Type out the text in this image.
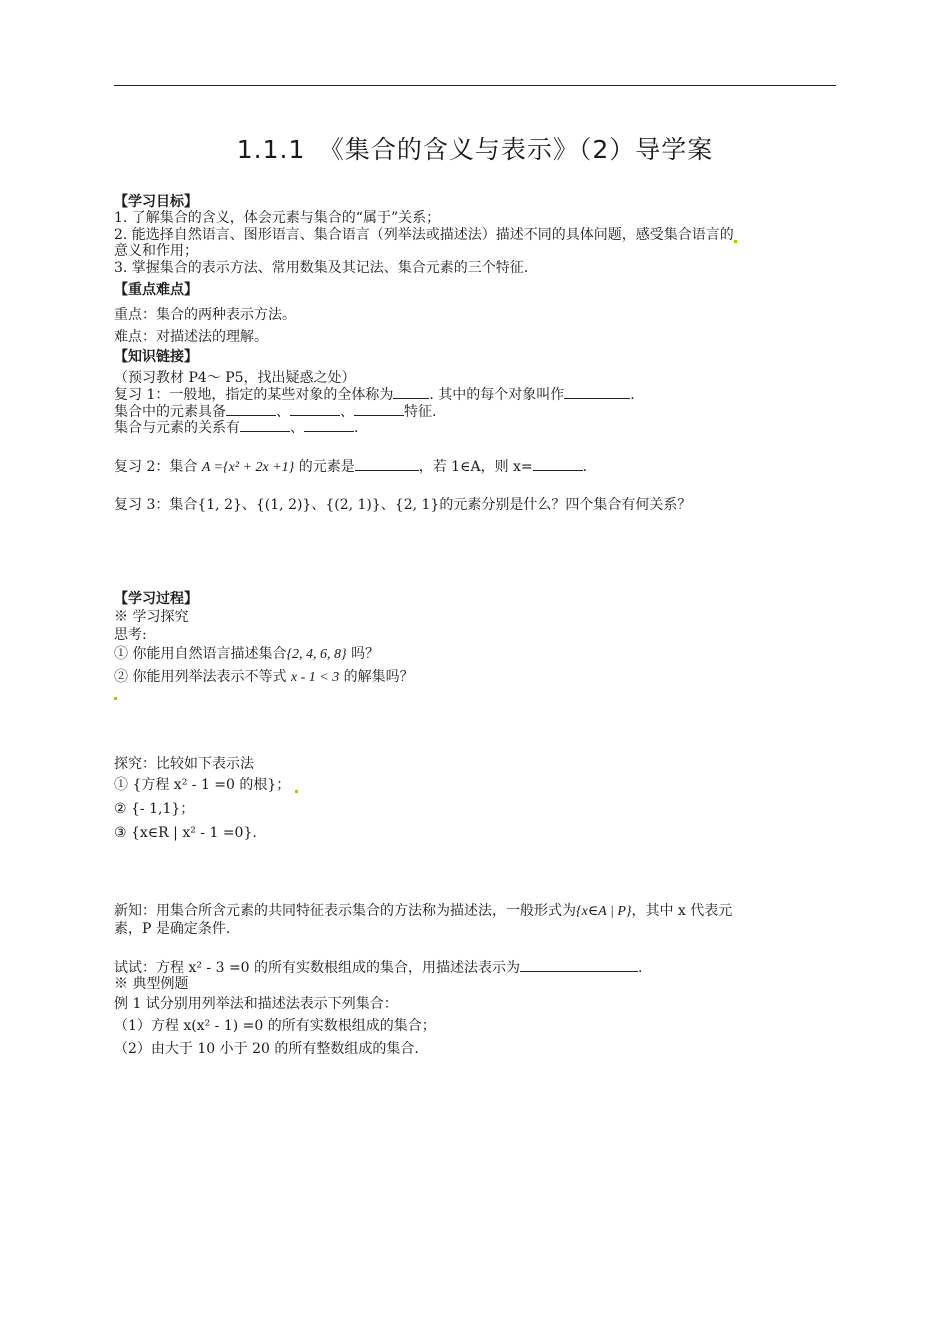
1.1.1　《集合的含义与表示》（2）导学案
【学习目标】
1. 了解集合的含义，体会元素与集合的“属于”关系；
2. 能选择自然语言、图形语言、集合语言（列举法或描述法）描述不同的具体问题，感受集合语言的
意义和作用；
3. 掌握集合的表示方法、常用数集及其记法、集合元素的三个特征.
【重点难点】
重点：集合的两种表示方法。
难点：对描述法的理解。
【知识链接】
（预习教材 P4～ P5，找出疑惑之处）
复习 1：一般地，指定的某些对象的全体称为	. 其中的每个对象叫作	.
集合中的元素具备	、	、	特征.
集合与元素的关系有	、	.
复习 2：集合 A ={x² + 2x +1} 的元素是	，若 1∈A，则 x=	.
复习 3：集合{1, 2}、{(1, 2)}、{(2, 1)}、{2, 1}的元素分别是什么？四个集合有何关系？
【学习过程】
※ 学习探究
思考:
① 你能用自然语言描述集合{2, 4, 6, 8} 吗？
② 你能用列举法表示不等式 x - 1 < 3 的解集吗？
探究：比较如下表示法
① {方程 x² - 1 =0 的根}；
② {- 1,1}；
③ {x∈R | x² - 1 =0}.
新知：用集合所含元素的共同特征表示集合的方法称为描述法，一般形式为{x∈A | P}，其中 x 代表元
素，P 是确定条件.
试试：方程 x² - 3 =0 的所有实数根组成的集合，用描述法表示为	.
※ 典型例题
例 1 试分别用列举法和描述法表示下列集合：
（1）方程 x(x² - 1) =0 的所有实数根组成的集合；
（2）由大于 10 小于 20 的所有整数组成的集合.
